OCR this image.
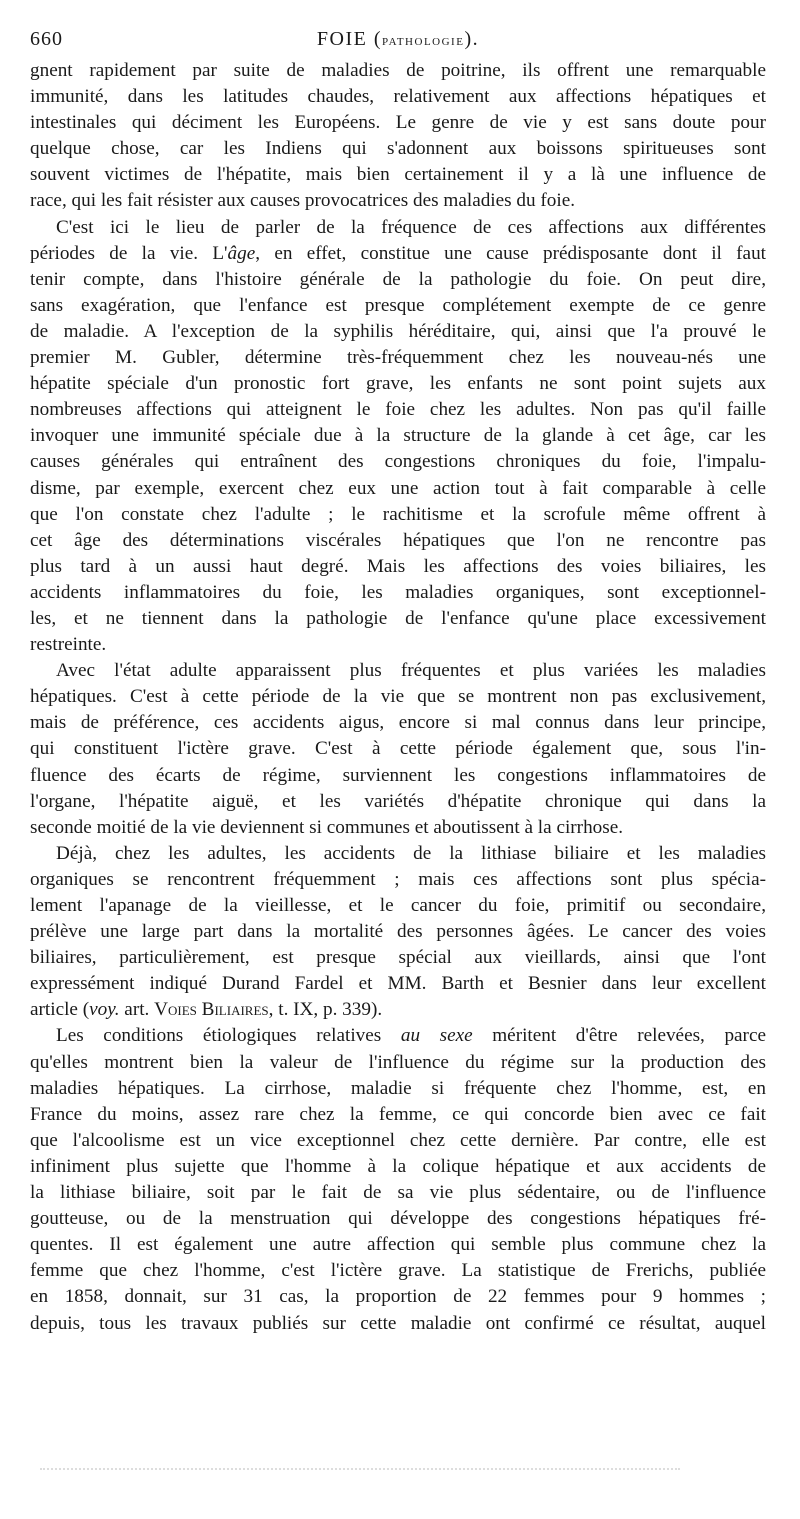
660	FOIE (pathologie).
gnent rapidement par suite de maladies de poitrine, ils offrent une remarquable
immunité, dans les latitudes chaudes, relativement aux affections hépatiques et
intestinales qui déciment les Européens. Le genre de vie y est sans doute pour
quelque chose, car les Indiens qui s'adonnent aux boissons spiritueuses sont
souvent victimes de l'hépatite, mais bien certainement il y a là une influence de
race, qui les fait résister aux causes provocatrices des maladies du foie.
C'est ici le lieu de parler de la fréquence de ces affections aux différentes
périodes de la vie. L'âge, en effet, constitue une cause prédisposante dont il faut
tenir compte, dans l'histoire générale de la pathologie du foie. On peut dire,
sans exagération, que l'enfance est presque complétement exempte de ce genre
de maladie. A l'exception de la syphilis héréditaire, qui, ainsi que l'a prouvé le
premier M. Gubler, détermine très-fréquemment chez les nouveau-nés une
hépatite spéciale d'un pronostic fort grave, les enfants ne sont point sujets aux
nombreuses affections qui atteignent le foie chez les adultes. Non pas qu'il faille
invoquer une immunité spéciale due à la structure de la glande à cet âge, car les
causes générales qui entraînent des congestions chroniques du foie, l'impalu-
disme, par exemple, exercent chez eux une action tout à fait comparable à celle
que l'on constate chez l'adulte ; le rachitisme et la scrofule même offrent à
cet âge des déterminations viscérales hépatiques que l'on ne rencontre pas
plus tard à un aussi haut degré. Mais les affections des voies biliaires, les
accidents inflammatoires du foie, les maladies organiques, sont exceptionnel-
les, et ne tiennent dans la pathologie de l'enfance qu'une place excessivement
restreinte.
Avec l'état adulte apparaissent plus fréquentes et plus variées les maladies
hépatiques. C'est à cette période de la vie que se montrent non pas exclusivement,
mais de préférence, ces accidents aigus, encore si mal connus dans leur principe,
qui constituent l'ictère grave. C'est à cette période également que, sous l'in-
fluence des écarts de régime, surviennent les congestions inflammatoires de
l'organe, l'hépatite aiguë, et les variétés d'hépatite chronique qui dans la
seconde moitié de la vie deviennent si communes et aboutissent à la cirrhose.
Déjà, chez les adultes, les accidents de la lithiase biliaire et les maladies
organiques se rencontrent fréquemment ; mais ces affections sont plus spécia-
lement l'apanage de la vieillesse, et le cancer du foie, primitif ou secondaire,
prélève une large part dans la mortalité des personnes âgées. Le cancer des voies
biliaires, particulièrement, est presque spécial aux vieillards, ainsi que l'ont
expressément indiqué Durand Fardel et MM. Barth et Besnier dans leur excellent
article (voy. art. Voies Biliaires, t. IX, p. 339).
Les conditions étiologiques relatives au sexe méritent d'être relevées, parce
qu'elles montrent bien la valeur de l'influence du régime sur la production des
maladies hépatiques. La cirrhose, maladie si fréquente chez l'homme, est, en
France du moins, assez rare chez la femme, ce qui concorde bien avec ce fait
que l'alcoolisme est un vice exceptionnel chez cette dernière. Par contre, elle est
infiniment plus sujette que l'homme à la colique hépatique et aux accidents de
la lithiase biliaire, soit par le fait de sa vie plus sédentaire, ou de l'influence
goutteuse, ou de la menstruation qui développe des congestions hépatiques fré-
quentes. Il est également une autre affection qui semble plus commune chez la
femme que chez l'homme, c'est l'ictère grave. La statistique de Frerichs, publiée
en 1858, donnait, sur 31 cas, la proportion de 22 femmes pour 9 hommes ;
depuis, tous les travaux publiés sur cette maladie ont confirmé ce résultat, auquel
